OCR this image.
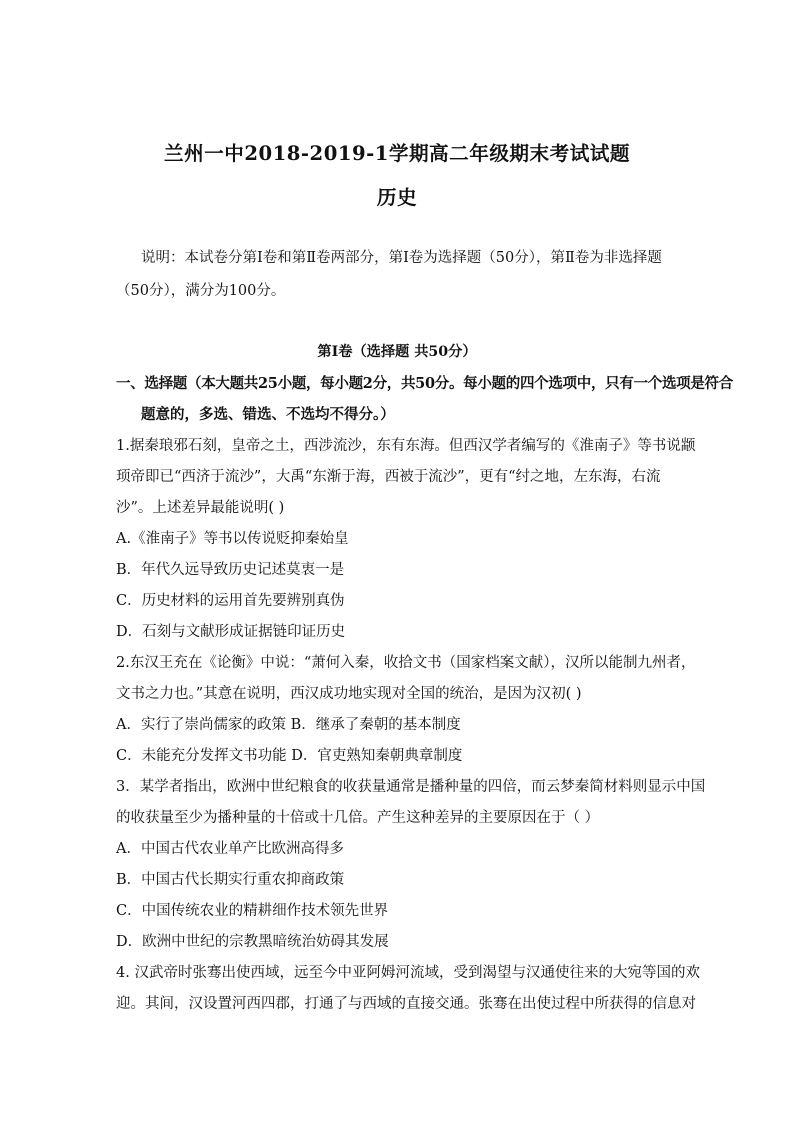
兰州一中2018-2019-1学期高二年级期末考试试题
历史
说明：本试卷分第Ⅰ卷和第Ⅱ卷两部分，第Ⅰ卷为选择题（50分），第Ⅱ卷为非选择题
（50分），满分为100分。
第Ⅰ卷（选择题 共50分）
一、选择题（本大题共25小题，每小题2分，共50分。每小题的四个选项中，只有一个选项是符合
题意的，多选、错选、不选均不得分。）
1.据秦琅邪石刻，皇帝之土，西涉流沙，东有东海。但西汉学者编写的《淮南子》等书说颛
顼帝即已“西济于流沙”，大禹“东渐于海，西被于流沙”，更有“纣之地，左东海，右流
沙”。上述差异最能说明( )
A.《淮南子》等书以传说贬抑秦始皇
B．年代久远导致历史记述莫衷一是
C．历史材料的运用首先要辨别真伪
D．石刻与文献形成证据链印证历史
2.东汉王充在《论衡》中说：“萧何入秦，收拾文书（国家档案文献），汉所以能制九州者，
文书之力也。”其意在说明，西汉成功地实现对全国的统治，是因为汉初( )
A．实行了崇尚儒家的政策 B．继承了秦朝的基本制度
C．未能充分发挥文书功能 D．官吏熟知秦朝典章制度
3．某学者指出，欧洲中世纪粮食的收获量通常是播种量的四倍，而云梦秦简材料则显示中国
的收获量至少为播种量的十倍或十几倍。产生这种差异的主要原因在于（ ）
A．中国古代农业单产比欧洲高得多
B．中国古代长期实行重农抑商政策
C．中国传统农业的精耕细作技术领先世界
D．欧洲中世纪的宗教黑暗统治妨碍其发展
4. 汉武帝时张骞出使西域，远至今中亚阿姆河流域，受到渴望与汉通使往来的大宛等国的欢
迎。其间，汉设置河西四郡，打通了与西域的直接交通。张骞在出使过程中所获得的信息对
